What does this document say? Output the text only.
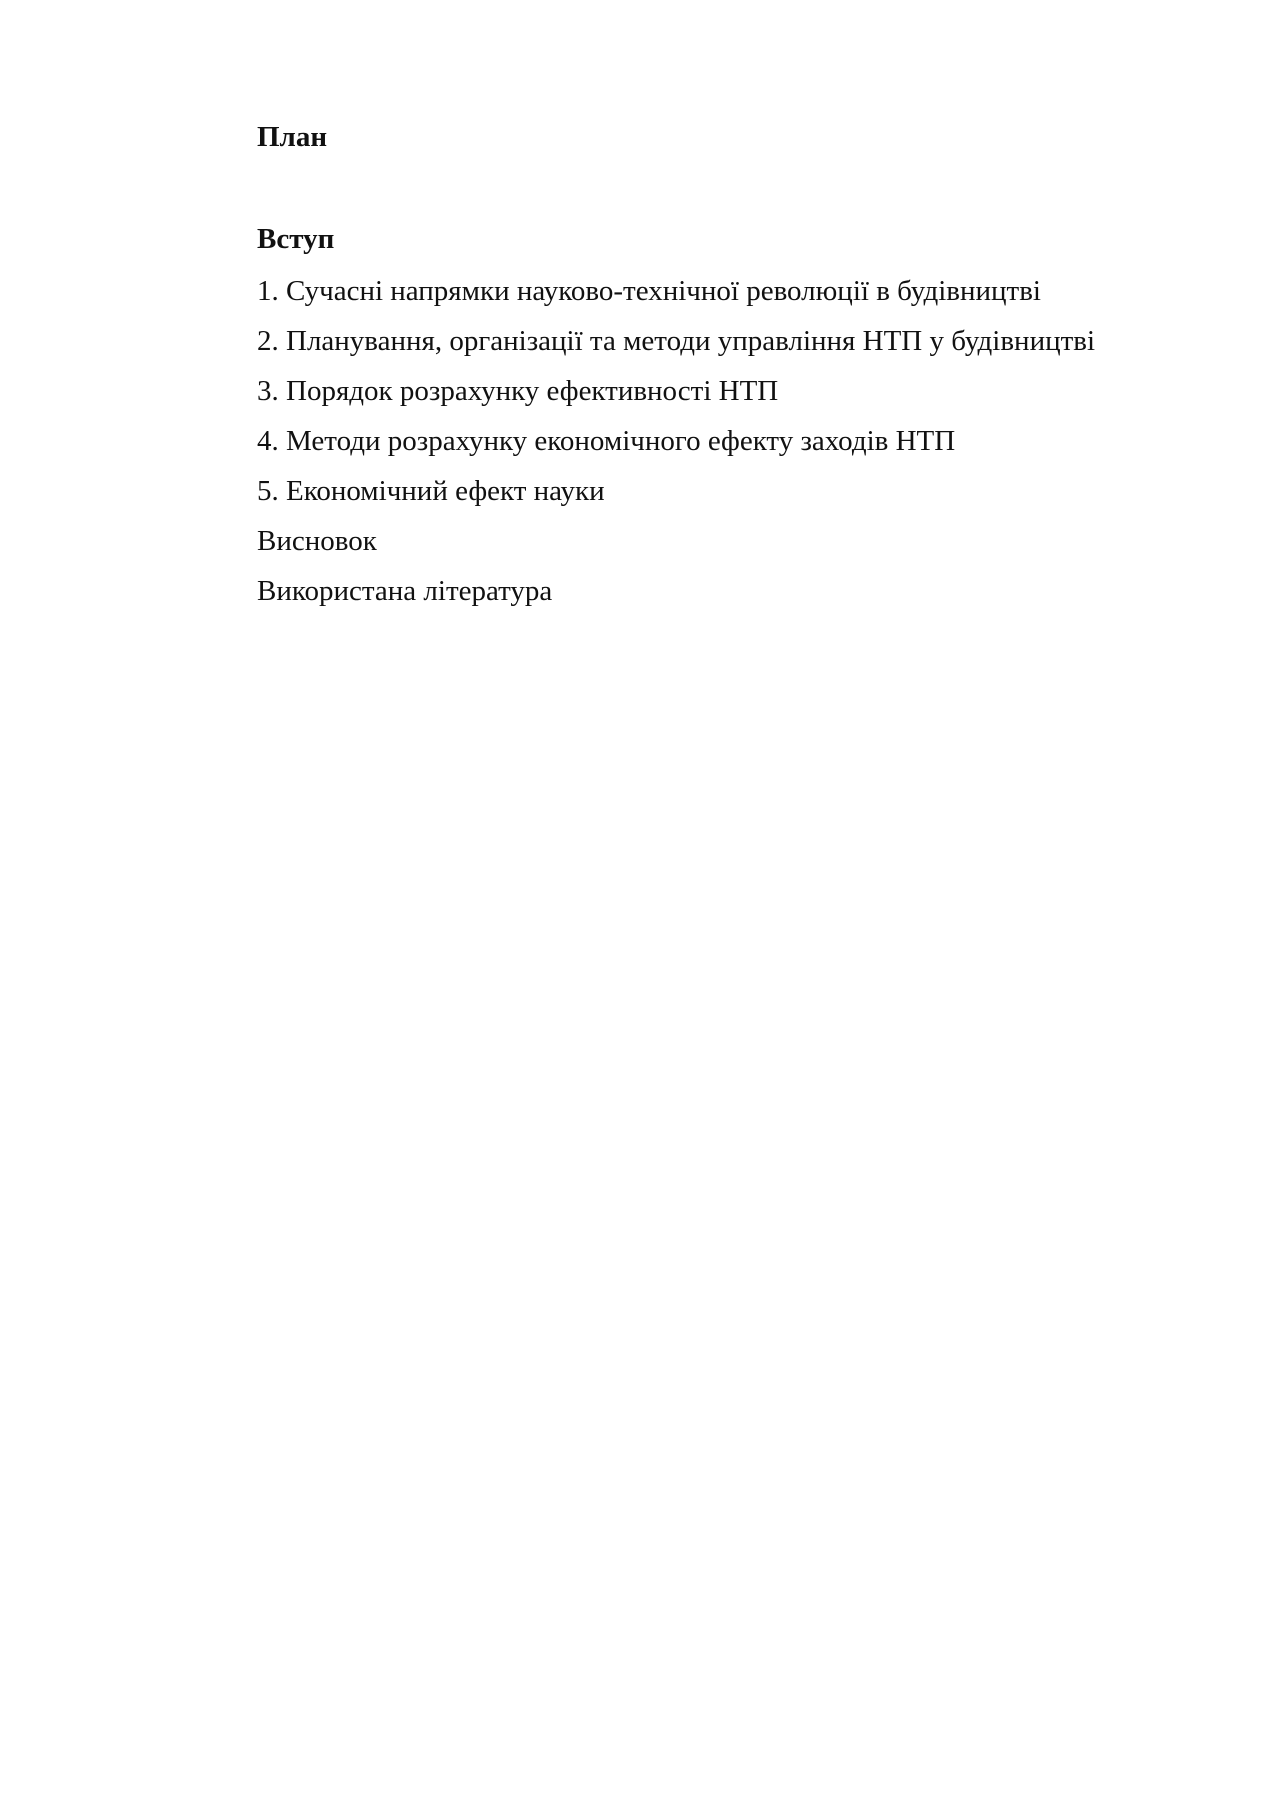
План

Вступ

1. Сучасні напрямки науково-технічної революції в будівництві

2. Планування, організації та методи управління НТП у будівництві

3. Порядок розрахунку ефективності НТП

4. Методи розрахунку економічного ефекту заходів НТП

5. Економічний ефект науки

Висновок

Використана література
